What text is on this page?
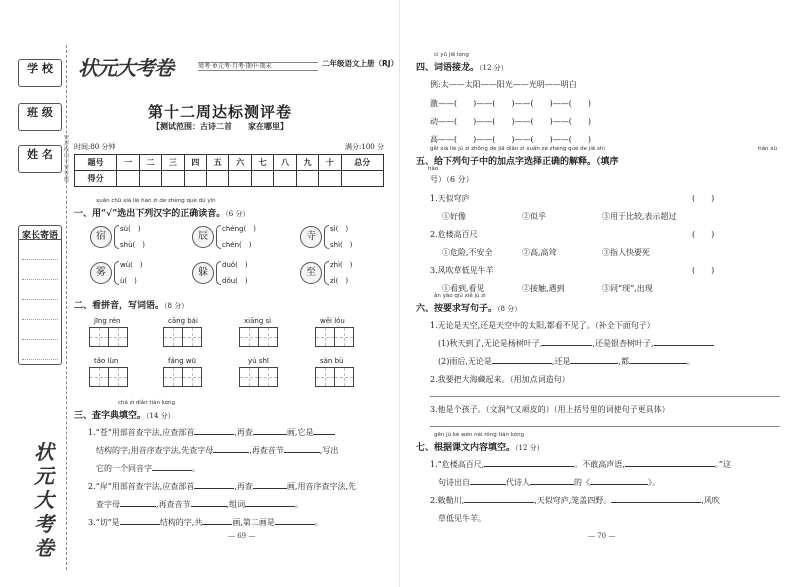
学 校
班 级
姓 名
密 封 线 内 不 要 答 题
家长寄语
状元大考卷
状元大考卷	周考·单元考·月考·期中·期末	二年级语文上册（RJ）
第十二周达标测评卷
【测试范围：古诗二首　　家在哪里】
时间:80 分钟	满分:100 分
题号	一	二	三	四	五	六	七	八	九	十	总分
得分											
xuǎn chū xià liè hàn zì de zhèng què dú yīn
一、用“√”选出下列汉字的正确读音。（6 分）
宿
sù(　)
shù(　)
辰
chéng(　)
chén(　)
寺
sì(　)
shì(　)
雾
wù(　)
ù(　)
躲
duǒ(　)
dǒu(　)
至
zhì(　)
zì(　)
二、看拼音，写词语。（8 分）
jīng rén	cāng bái	xiāng sì	wēi lóu
tǎo lùn	fáng wū	yú shī	sàn bù
chá zì diǎn tián kòng
三、查字典填空。（14 分）
1.“苍”用部首查字法,应查部首	,再查	画,它是
结构的字;用音序查字法,先查字母	,再查音节	,写出
它的一个同音字	。
2.“岸”用部首查字法,应查部首	,再查	画,用音序查字法,先
查字母	,再查音节	,组词	。
3.“切”是	结构的字,共	画,第二画是	。
— 69 —
cí yǔ jiē lóng
四、词语接龙。（12 分）
例:太——太阳——阳光——光明——明白
激——(　　)——(　　)——(　　)——(　　)
动——(　　)——(　　)——(　　)——(　　)
高——(　　)——(　　)——(　　)——(　　)
gěi xià liè jù zi zhōng de jiā diǎn zì xuǎn zé zhèng què de jiě shì	tián xù
五、给下列句子中的加点字选择正确的解释。（填序
hào
号）（6 分）
1.天似穹庐	(　　)
①好像	②似乎	③用于比较,表示超过
2.危楼高百尺	(　　)
①危险,不安全	②高,高耸	③指人快要死
3.风吹草低见牛羊	(　　)
①看到,看见	②接触,遇到	③同“现”,出现
àn yāo qiú xiě jù zi
六、按要求写句子。（8 分）
1.无论是天空,还是天空中的太阳,都看不见了。（补全下面句子）
(1)秋天到了,无论是杨树叶子,	,还是银杏树叶子,
(2)雨后,无论是	,还是	,都	。
2.我要把大海藏起来。（用加点词造句）
3.他是个孩子。（文润气又顽皮的）（用上括号里的词使句子更具体）
gēn jù kè wén nèi róng tián kòng
七、根据课文内容填空。（12 分）
1.“危楼高百尺,	。不敢高声语,	。”这
句诗出自	代诗人	的《	》。
2.敕勒川,	,天似穹庐,笼盖四野。	,风吹
草低见牛羊。
— 70 —
